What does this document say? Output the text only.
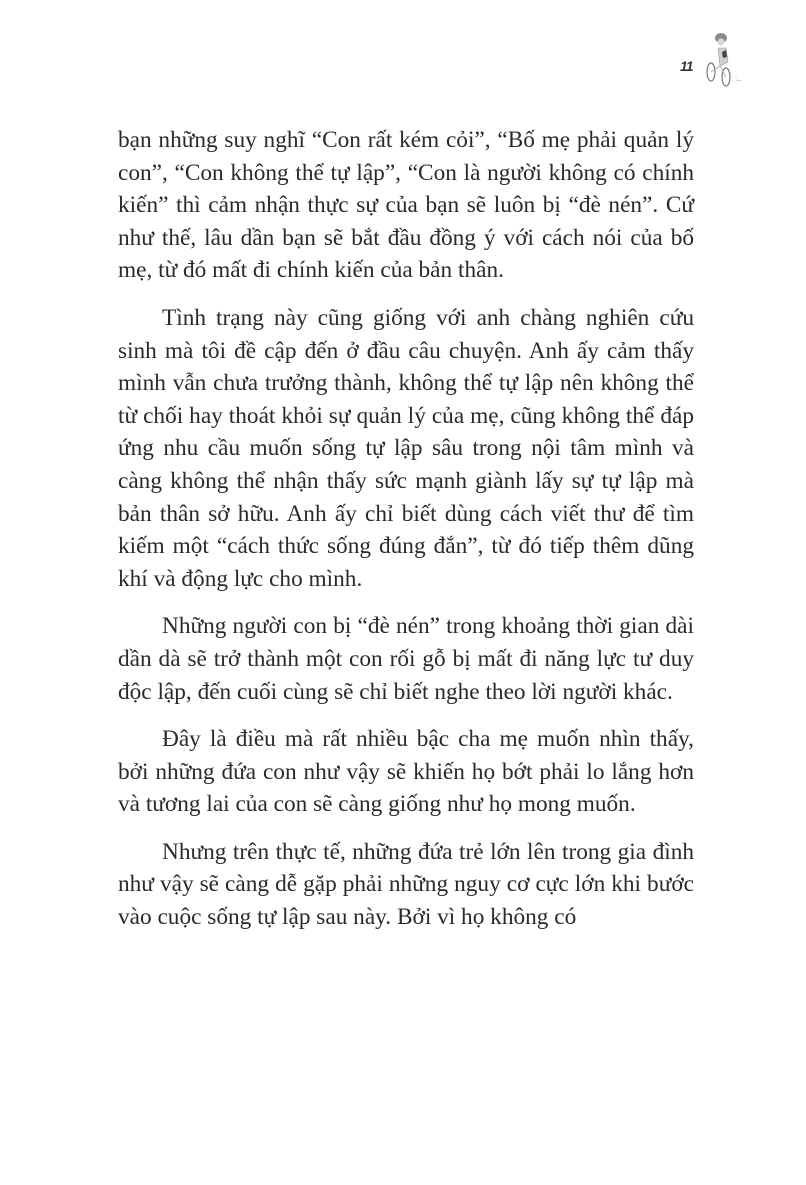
11

bạn những suy nghĩ “Con rất kém cỏi”, “Bố mẹ phải quản lý con”, “Con không thể tự lập”, “Con là người không có chính kiến” thì cảm nhận thực sự của bạn sẽ luôn bị “đè nén”. Cứ như thế, lâu dần bạn sẽ bắt đầu đồng ý với cách nói của bố mẹ, từ đó mất đi chính kiến của bản thân.

Tình trạng này cũng giống với anh chàng nghiên cứu sinh mà tôi đề cập đến ở đầu câu chuyện. Anh ấy cảm thấy mình vẫn chưa trưởng thành, không thể tự lập nên không thể từ chối hay thoát khỏi sự quản lý của mẹ, cũng không thể đáp ứng nhu cầu muốn sống tự lập sâu trong nội tâm mình và càng không thể nhận thấy sức mạnh giành lấy sự tự lập mà bản thân sở hữu. Anh ấy chỉ biết dùng cách viết thư để tìm kiếm một “cách thức sống đúng đắn”, từ đó tiếp thêm dũng khí và động lực cho mình.

Những người con bị “đè nén” trong khoảng thời gian dài dần dà sẽ trở thành một con rối gỗ bị mất đi năng lực tư duy độc lập, đến cuối cùng sẽ chỉ biết nghe theo lời người khác.

Đây là điều mà rất nhiều bậc cha mẹ muốn nhìn thấy, bởi những đứa con như vậy sẽ khiến họ bớt phải lo lắng hơn và tương lai của con sẽ càng giống như họ mong muốn.

Nhưng trên thực tế, những đứa trẻ lớn lên trong gia đình như vậy sẽ càng dễ gặp phải những nguy cơ cực lớn khi bước vào cuộc sống tự lập sau này. Bởi vì họ không có
